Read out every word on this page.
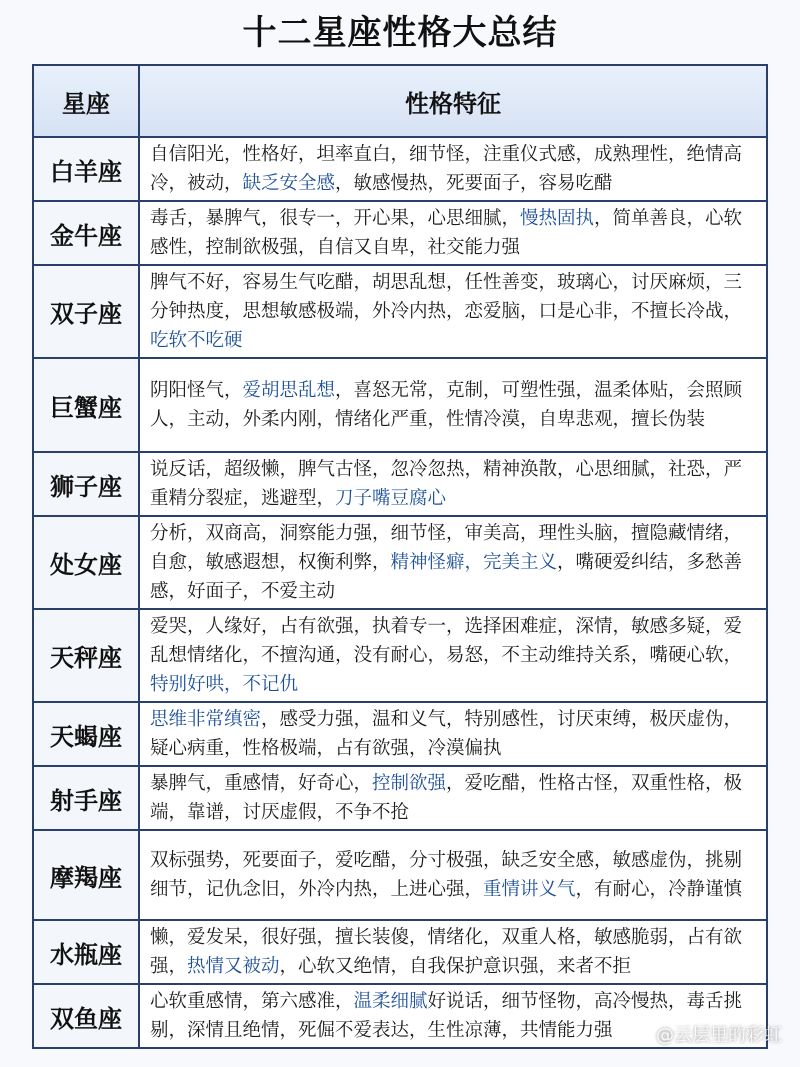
十二星座性格大总结
星座	性格特征
白羊座	自信阳光，性格好，坦率直白，细节怪，注重仪式感，成熟理性，绝情高冷，被动，缺乏安全感，敏感慢热，死要面子，容易吃醋
金牛座	毒舌，暴脾气，很专一，开心果，心思细腻，慢热固执，简单善良，心软感性，控制欲极强，自信又自卑，社交能力强
双子座	脾气不好，容易生气吃醋，胡思乱想，任性善变，玻璃心，讨厌麻烦，三分钟热度，思想敏感极端，外冷内热，恋爱脑，口是心非，不擅长冷战，吃软不吃硬
巨蟹座	阴阳怪气，爱胡思乱想，喜怒无常，克制，可塑性强，温柔体贴，会照顾人，主动，外柔内刚，情绪化严重，性情冷漠，自卑悲观，擅长伪装
狮子座	说反话，超级懒，脾气古怪，忽冷忽热，精神涣散，心思细腻，社恐，严重精分裂症，逃避型，刀子嘴豆腐心
处女座	分析，双商高，洞察能力强，细节怪，审美高，理性头脑，擅隐藏情绪，自愈，敏感遐想，权衡利弊，精神怪癖，完美主义，嘴硬爱纠结，多愁善感，好面子，不爱主动
天秤座	爱哭，人缘好，占有欲强，执着专一，选择困难症，深情，敏感多疑，爱乱想情绪化，不擅沟通，没有耐心，易怒，不主动维持关系，嘴硬心软，特别好哄，不记仇
天蝎座	思维非常缜密，感受力强，温和义气，特别感性，讨厌束缚，极厌虚伪，疑心病重，性格极端，占有欲强，冷漠偏执
射手座	暴脾气，重感情，好奇心，控制欲强，爱吃醋，性格古怪，双重性格，极端，靠谱，讨厌虚假，不争不抢
摩羯座	双标强势，死要面子，爱吃醋，分寸极强，缺乏安全感，敏感虚伪，挑剔细节，记仇念旧，外冷内热，上进心强，重情讲义气，有耐心，冷静谨慎
水瓶座	懒，爱发呆，很好强，擅长装傻，情绪化，双重人格，敏感脆弱，占有欲强，热情又被动，心软又绝情，自我保护意识强，来者不拒
双鱼座	心软重感情，第六感准，温柔细腻好说话，细节怪物，高冷慢热，毒舌挑剔，深情且绝情，死倔不爱表达，生性凉薄，共情能力强 @云层里的彩虹
